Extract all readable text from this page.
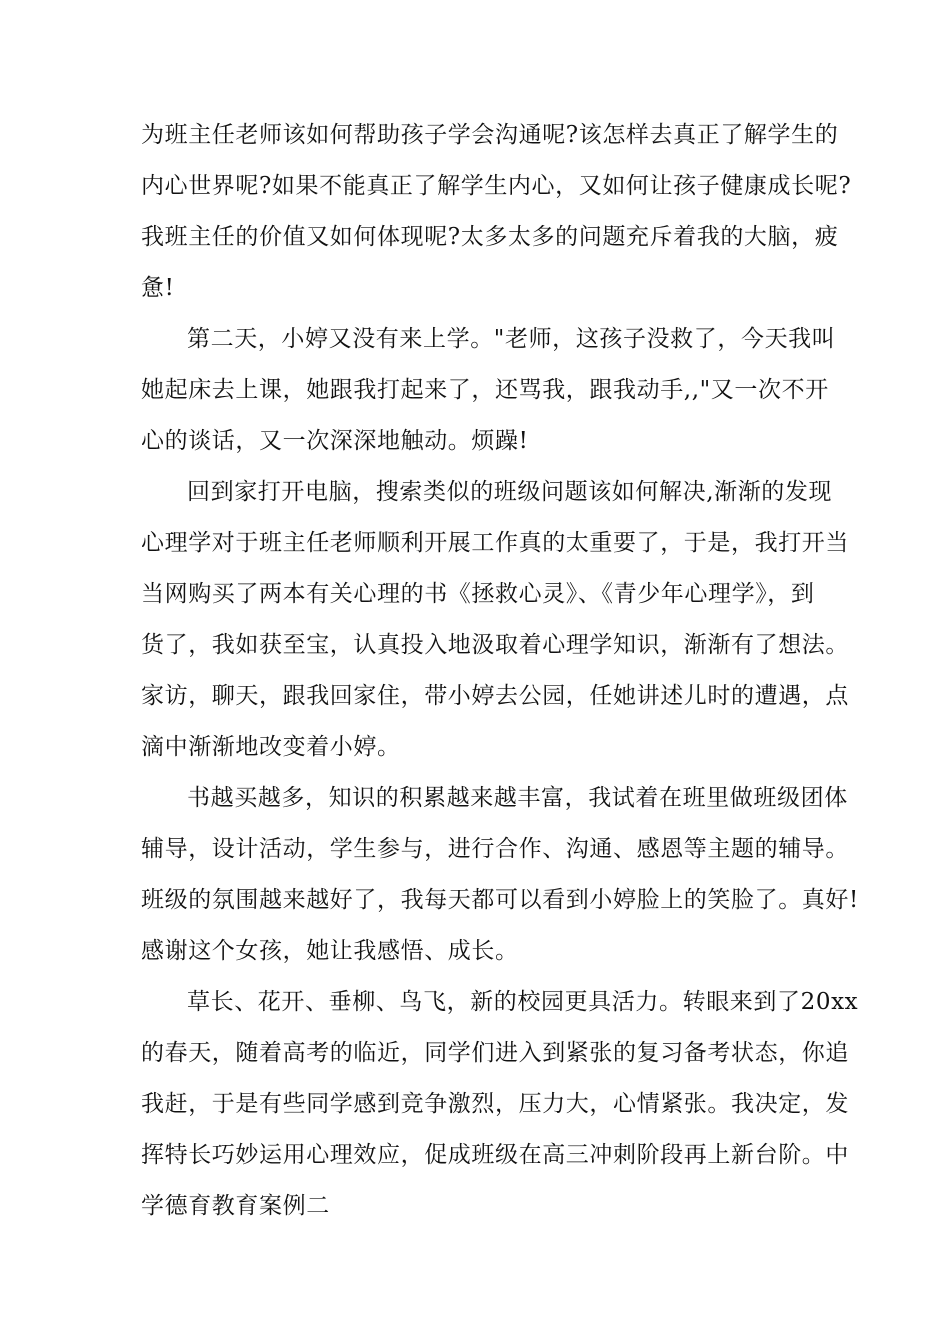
为班主任老师该如何帮助孩子学会沟通呢?该怎样去真正了解学生的
内心世界呢?如果不能真正了解学生内心，又如何让孩子健康成长呢?
我班主任的价值又如何体现呢?太多太多的问题充斥着我的大脑，疲
惫!
第二天，小婷又没有来上学。"老师，这孩子没救了，今天我叫
她起床去上课，她跟我打起来了，还骂我，跟我动手,,"又一次不开
心的谈话，又一次深深地触动。烦躁!
回到家打开电脑，搜索类似的班级问题该如何解决,渐渐的发现
心理学对于班主任老师顺利开展工作真的太重要了，于是，我打开当
当网购买了两本有关心理的书《拯救心灵》、《青少年心理学》，到
货了，我如获至宝，认真投入地汲取着心理学知识，渐渐有了想法。
家访，聊天，跟我回家住，带小婷去公园，任她讲述儿时的遭遇，点
滴中渐渐地改变着小婷。
书越买越多，知识的积累越来越丰富，我试着在班里做班级团体
辅导，设计活动，学生参与，进行合作、沟通、感恩等主题的辅导。
班级的氛围越来越好了，我每天都可以看到小婷脸上的笑脸了。真好!
感谢这个女孩，她让我感悟、成长。
草长、花开、垂柳、鸟飞，新的校园更具活力。转眼来到了20xx
的春天，随着高考的临近，同学们进入到紧张的复习备考状态，你追
我赶，于是有些同学感到竞争激烈，压力大，心情紧张。我决定，发
挥特长巧妙运用心理效应，促成班级在高三冲刺阶段再上新台阶。中
学德育教育案例二
